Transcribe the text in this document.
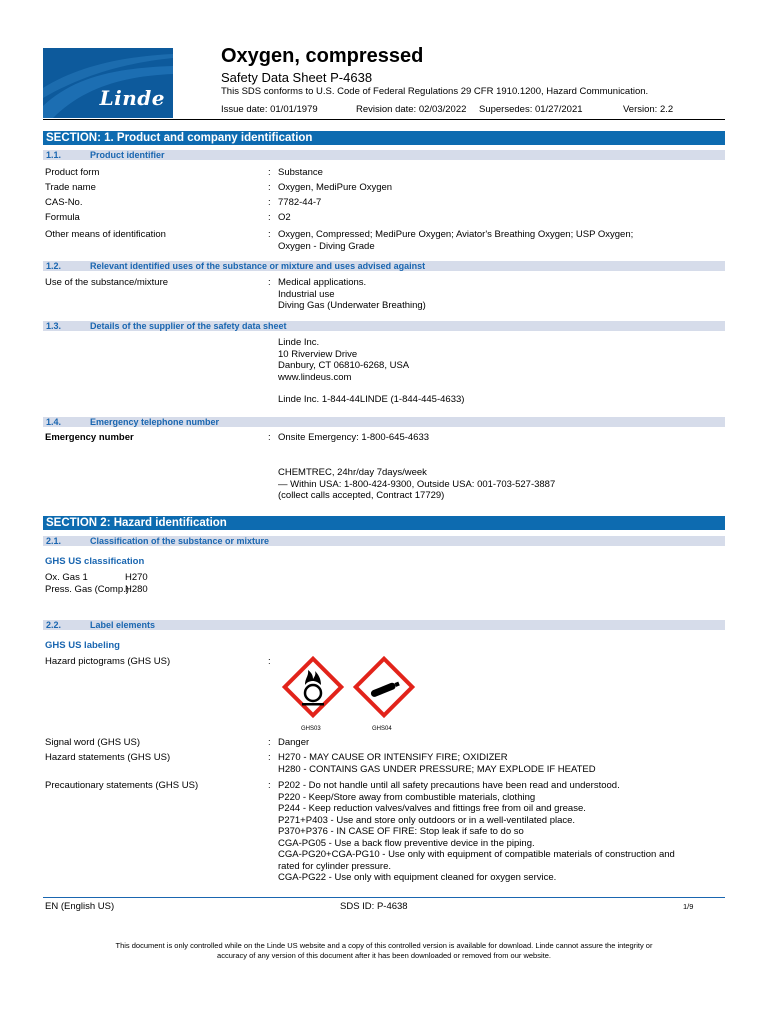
Linde
Oxygen, compressed
Safety Data Sheet P-4638
This SDS conforms to U.S. Code of Federal Regulations 29 CFR 1910.1200, Hazard Communication.
Issue date: 01/01/1979	Revision date: 02/03/2022 Supersedes: 01/27/2021	Version: 2.2
SECTION: 1. Product and company identification
1.1.	Product identifier
Product form	: Substance
Trade name	: Oxygen, MediPure Oxygen
CAS-No.	: 7782-44-7
Formula	: O2
Other means of identification	: Oxygen, Compressed; MediPure Oxygen; Aviator's Breathing Oxygen; USP Oxygen;
Oxygen - Diving Grade
1.2.	Relevant identified uses of the substance or mixture and uses advised against
Use of the substance/mixture	: Medical applications.
Industrial use
Diving Gas (Underwater Breathing)
1.3.	Details of the supplier of the safety data sheet
Linde Inc.
10 Riverview Drive
Danbury, CT 06810-6268, USA
www.lindeus.com
Linde Inc. 1-844-44LINDE (1-844-445-4633)
1.4.	Emergency telephone number
Emergency number	: Onsite Emergency: 1-800-645-4633
CHEMTREC, 24hr/day 7days/week
— Within USA: 1-800-424-9300, Outside USA: 001-703-527-3887
(collect calls accepted, Contract 17729)
SECTION 2: Hazard identification
2.1.	Classification of the substance or mixture
GHS US classification
Ox. Gas 1	H270
Press. Gas (Comp.)H280
2.2.	Label elements
GHS US labeling
Hazard pictograms (GHS US)	:
GHS03	GHS04
Signal word (GHS US)	: Danger
Hazard statements (GHS US)	: H270 - MAY CAUSE OR INTENSIFY FIRE; OXIDIZER
H280 - CONTAINS GAS UNDER PRESSURE; MAY EXPLODE IF HEATED
Precautionary statements (GHS US)	: P202 - Do not handle until all safety precautions have been read and understood.
P220 - Keep/Store away from combustible materials, clothing
P244 - Keep reduction valves/valves and fittings free from oil and grease.
P271+P403 - Use and store only outdoors or in a well-ventilated place.
P370+P376 - IN CASE OF FIRE: Stop leak if safe to do so
CGA-PG05 - Use a back flow preventive device in the piping.
CGA-PG20+CGA-PG10 - Use only with equipment of compatible materials of construction and
rated for cylinder pressure.
CGA-PG22 - Use only with equipment cleaned for oxygen service.
EN (English US)	SDS ID: P-4638	1/9
This document is only controlled while on the Linde US website and a copy of this controlled version is available for download. Linde cannot assure the integrity or
accuracy of any version of this document after it has been downloaded or removed from our website.
